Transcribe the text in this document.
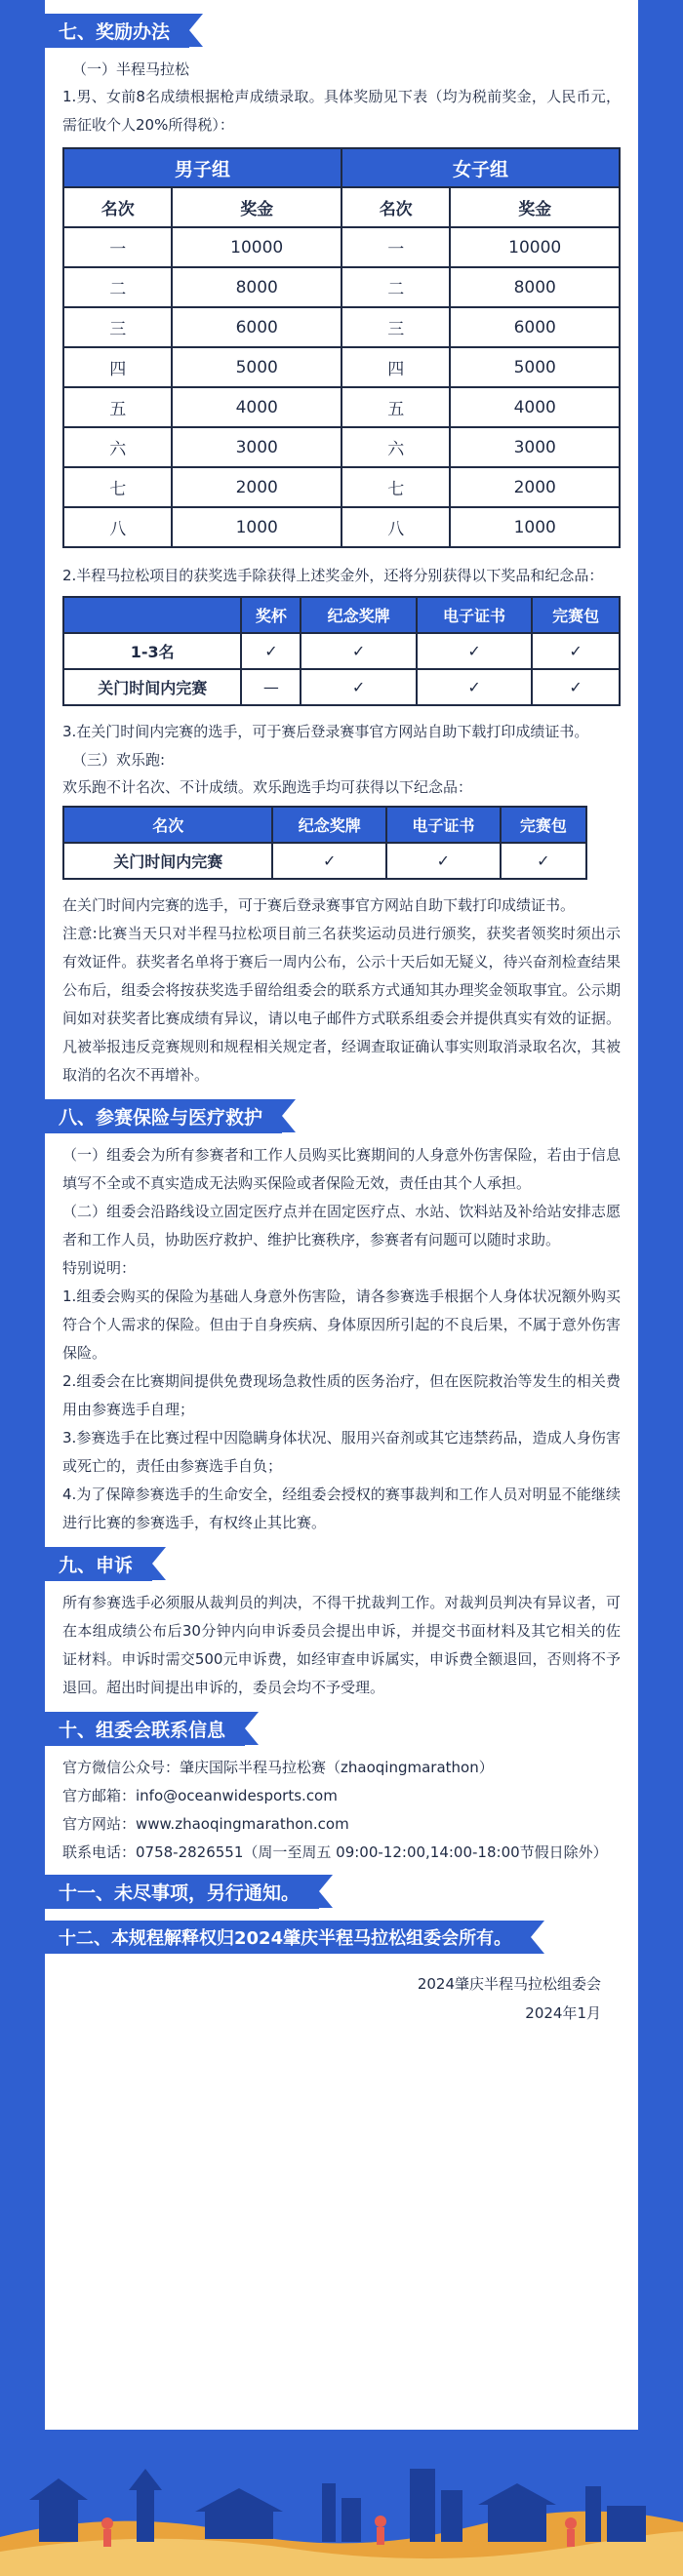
七、奖励办法
（一）半程马拉松
1.男、女前8名成绩根据枪声成绩录取。具体奖励见下表（均为税前奖金，人民币元，需征收个人20%所得税）：
男子组		女子组	
名次	奖金	名次	奖金
一	10000	一	10000
二	8000	二	8000
三	6000	三	6000
四	5000	四	5000
五	4000	五	4000
六	3000	六	3000
七	2000	七	2000
八	1000	八	1000
2.半程马拉松项目的获奖选手除获得上述奖金外，还将分别获得以下奖品和纪念品：
	奖杯	纪念奖牌	电子证书	完赛包
1-3名	✓	✓	✓	✓
关门时间内完赛	—	✓	✓	✓
3.在关门时间内完赛的选手，可于赛后登录赛事官方网站自助下载打印成绩证书。
（三）欢乐跑:
欢乐跑不计名次、不计成绩。欢乐跑选手均可获得以下纪念品：
名次	纪念奖牌	电子证书	完赛包
关门时间内完赛	✓	✓	✓
在关门时间内完赛的选手，可于赛后登录赛事官方网站自助下载打印成绩证书。
注意:比赛当天只对半程马拉松项目前三名获奖运动员进行颁奖，获奖者领奖时须出示有效证件。获奖者名单将于赛后一周内公布，公示十天后如无疑义，待兴奋剂检查结果公布后，组委会将按获奖选手留给组委会的联系方式通知其办理奖金领取事宜。公示期间如对获奖者比赛成绩有异议，请以电子邮件方式联系组委会并提供真实有效的证据。凡被举报违反竞赛规则和规程相关规定者，经调查取证确认事实则取消录取名次，其被取消的名次不再增补。
八、参赛保险与医疗救护
（一）组委会为所有参赛者和工作人员购买比赛期间的人身意外伤害保险，若由于信息填写不全或不真实造成无法购买保险或者保险无效，责任由其个人承担。
（二）组委会沿路线设立固定医疗点并在固定医疗点、水站、饮料站及补给站安排志愿者和工作人员，协助医疗救护、维护比赛秩序，参赛者有问题可以随时求助。
特别说明：
1.组委会购买的保险为基础人身意外伤害险，请各参赛选手根据个人身体状况额外购买符合个人需求的保险。但由于自身疾病、身体原因所引起的不良后果，不属于意外伤害保险。
2.组委会在比赛期间提供免费现场急救性质的医务治疗，但在医院救治等发生的相关费用由参赛选手自理；
3.参赛选手在比赛过程中因隐瞒身体状况、服用兴奋剂或其它违禁药品，造成人身伤害或死亡的，责任由参赛选手自负；
4.为了保障参赛选手的生命安全，经组委会授权的赛事裁判和工作人员对明显不能继续进行比赛的参赛选手，有权终止其比赛。
九、申诉
所有参赛选手必须服从裁判员的判决，不得干扰裁判工作。对裁判员判决有异议者，可在本组成绩公布后30分钟内向申诉委员会提出申诉，并提交书面材料及其它相关的佐证材料。申诉时需交500元申诉费，如经审查申诉属实，申诉费全额退回，否则将不予退回。超出时间提出申诉的，委员会均不予受理。
十、组委会联系信息
官方微信公众号：肇庆国际半程马拉松赛（zhaoqingmarathon）
官方邮箱：info@oceanwidesports.com
官方网站：www.zhaoqingmarathon.com
联系电话：0758-2826551（周一至周五 09:00-12:00,14:00-18:00节假日除外）
十一、未尽事项，另行通知。
十二、本规程解释权归2024肇庆半程马拉松组委会所有。
2024肇庆半程马拉松组委会
2024年1月
